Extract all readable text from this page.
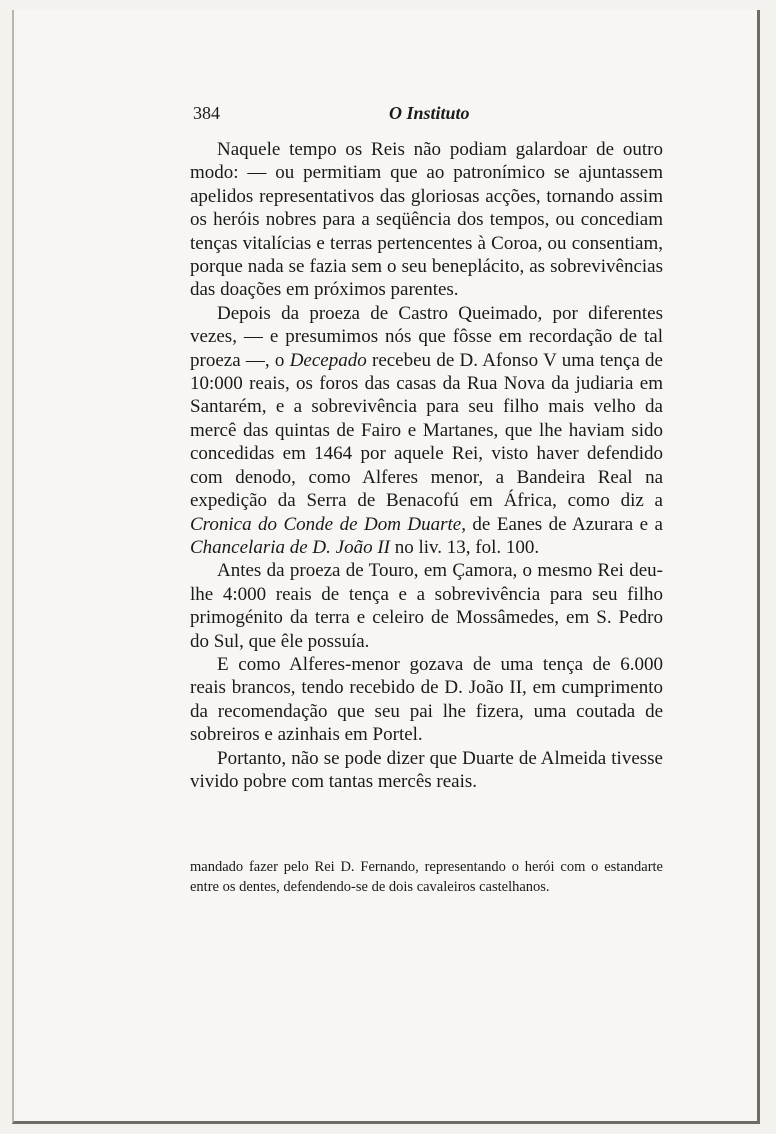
384	O Instituto

Naquele tempo os Reis não podiam galardoar de outro modo: — ou permitiam que ao patronímico se ajuntassem apelidos representativos das gloriosas acções, tornando assim os heróis nobres para a seqüência dos tempos, ou concediam tenças vitalícias e terras pertencentes à Coroa, ou consentiam, porque nada se fazia sem o seu beneplácito, as sobrevivências das doações em próximos parentes.

Depois da proeza de Castro Queimado, por diferentes vezes, — e presumimos nós que fôsse em recordação de tal proeza —, o Decepado recebeu de D. Afonso V uma tença de 10:000 reais, os foros das casas da Rua Nova da judiaria em Santarém, e a sobrevivência para seu filho mais velho da mercê das quintas de Fairo e Martanes, que lhe haviam sido concedidas em 1464 por aquele Rei, visto haver defendido com denodo, como Alferes menor, a Bandeira Real na expedição da Serra de Benacofú em África, como diz a Cronica do Conde de Dom Duarte, de Eanes de Azurara e a Chancelaria de D. João II no liv. 13, fol. 100.

Antes da proeza de Touro, em Çamora, o mesmo Rei deu-lhe 4:000 reais de tença e a sobrevivência para seu filho primogénito da terra e celeiro de Mossâmedes, em S. Pedro do Sul, que êle possuía.

E como Alferes-menor gozava de uma tença de 6.000 reais brancos, tendo recebido de D. João II, em cumprimento da recomendação que seu pai lhe fizera, uma coutada de sobreiros e azinhais em Portel.

Portanto, não se pode dizer que Duarte de Almeida tivesse vivido pobre com tantas mercês reais.

mandado fazer pelo Rei D. Fernando, representando o herói com o estandarte entre os dentes, defendendo-se de dois cavaleiros castelhanos.
